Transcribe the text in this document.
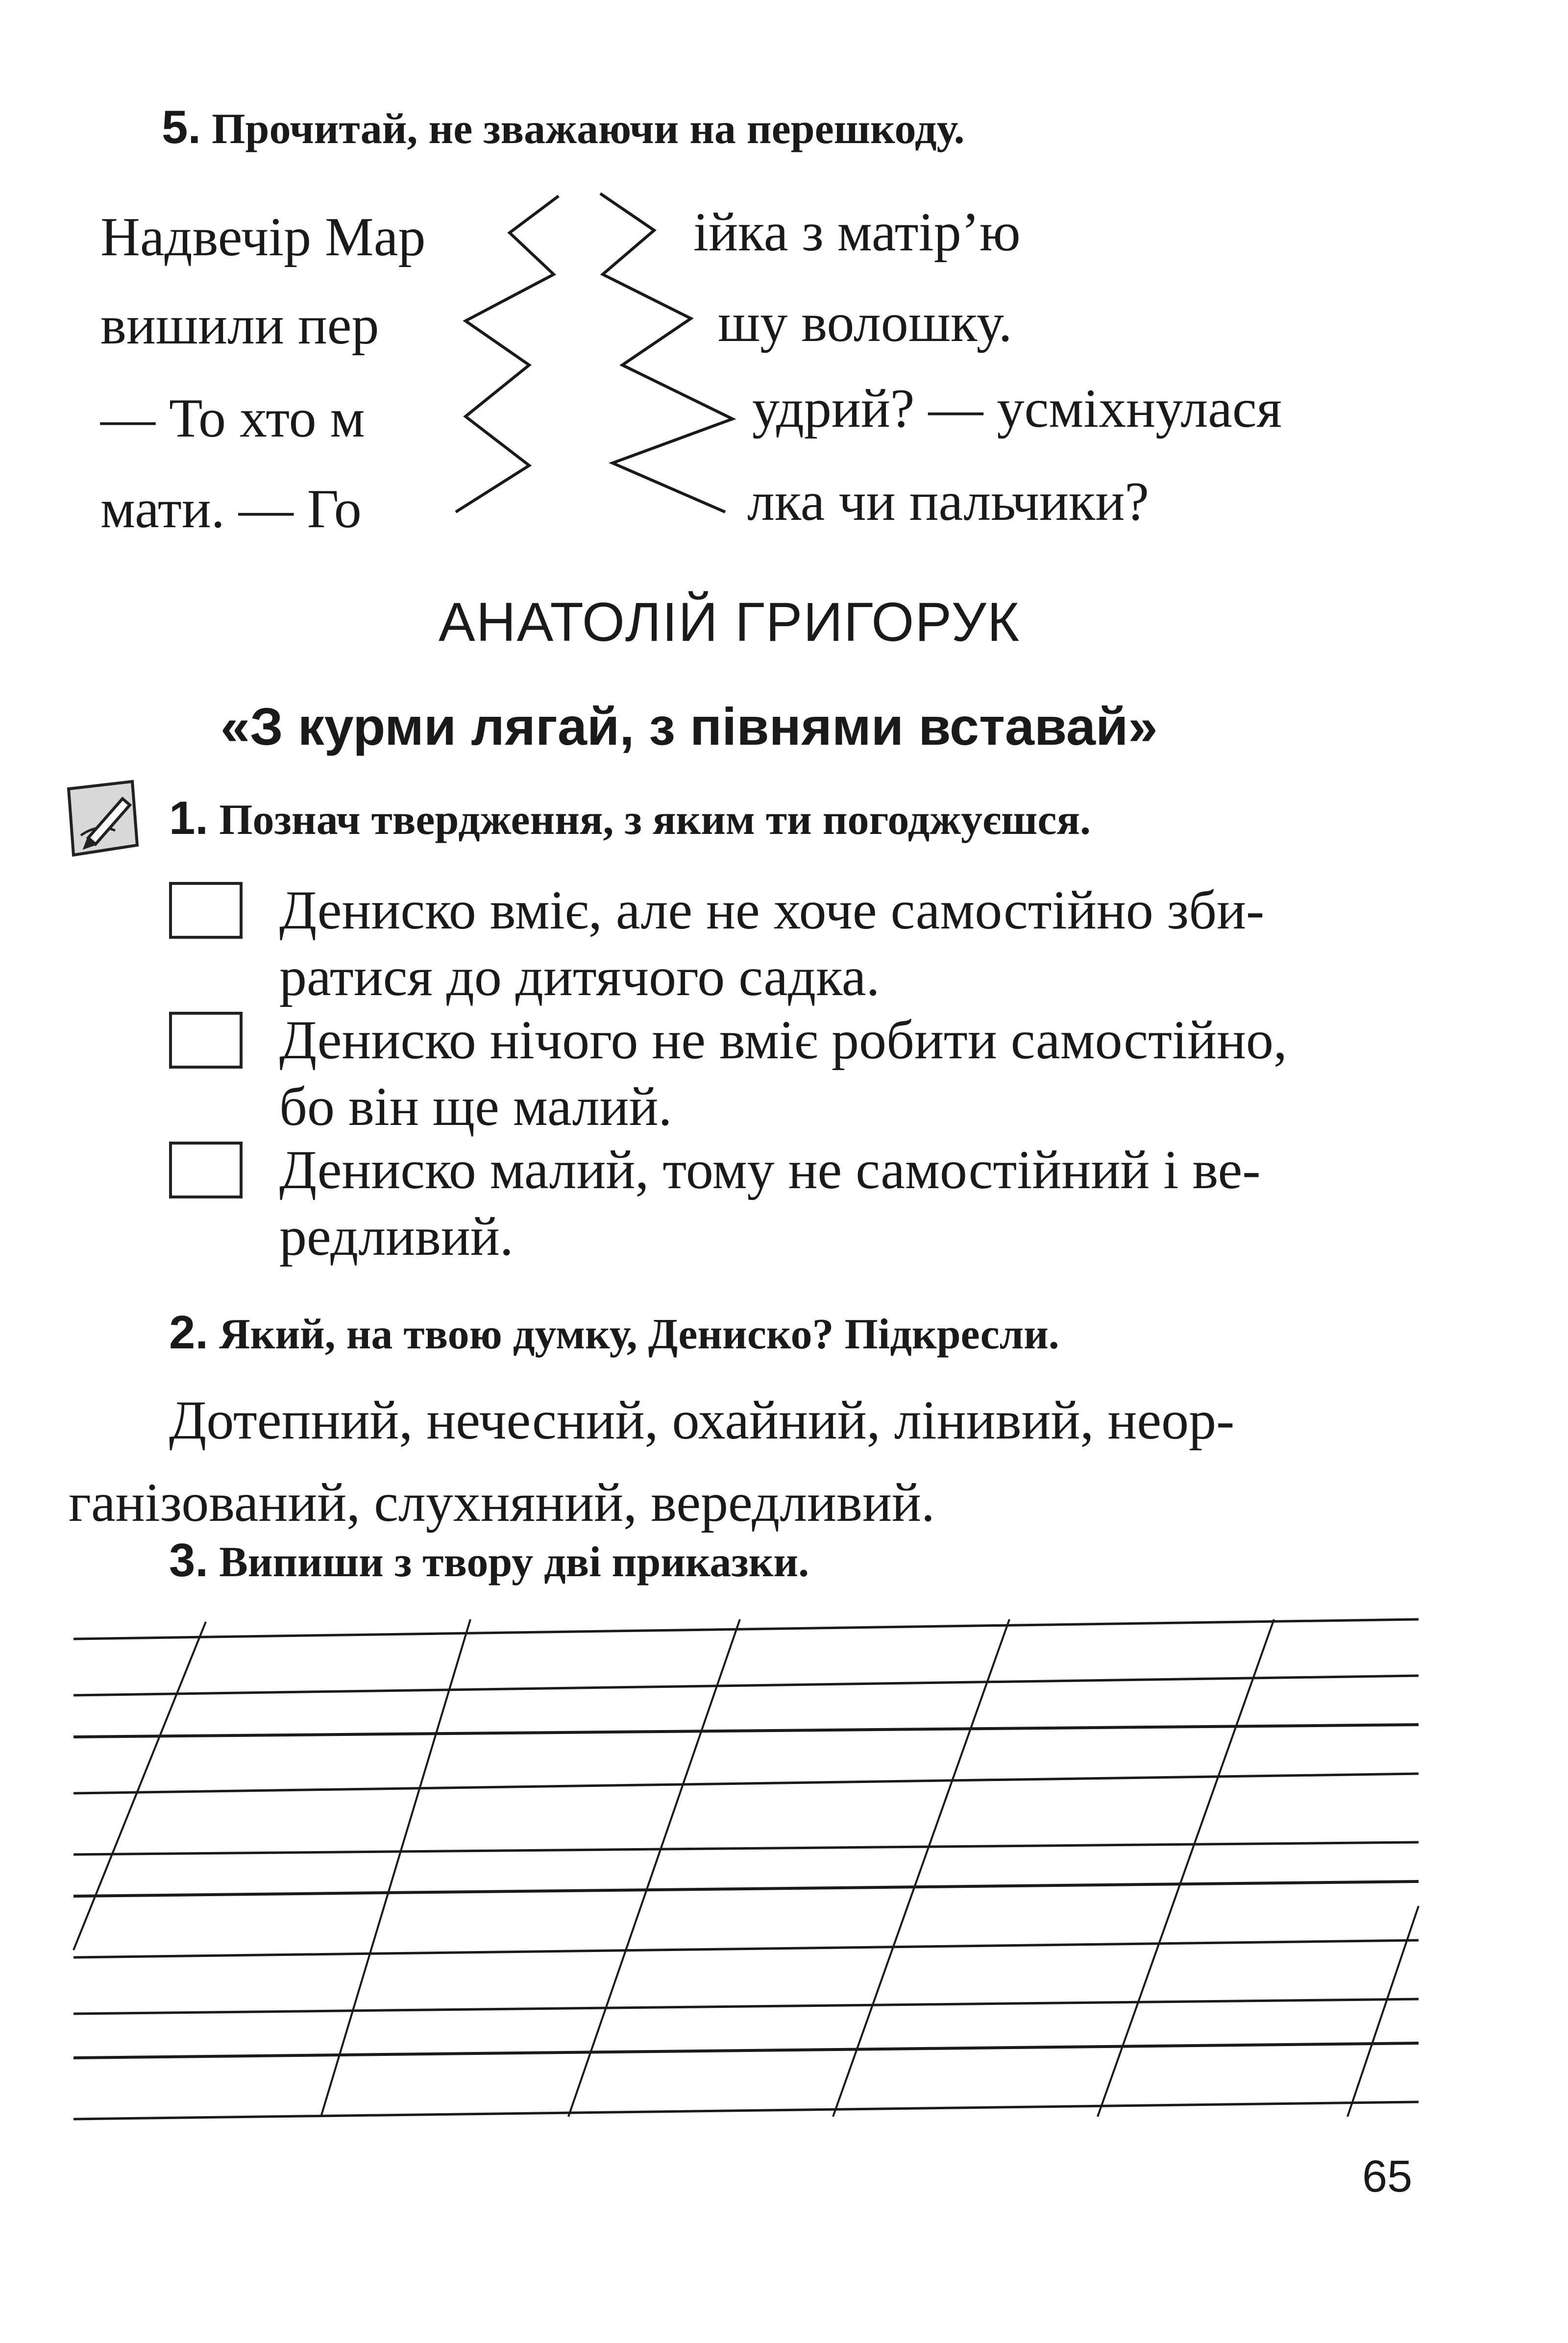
5. Прочитай, не зважаючи на перешкоду.
Надвечір Мар
вишили пер
— То хто м
мати. — Го
ійка з матір’ю
шу волошку.
удрий? — усміхнулася
лка чи пальчики?
АНАТОЛІЙ ГРИГОРУК
«З курми лягай, з півнями вставай»
1. Познач твердження, з яким ти погоджуєшся.
Дениско вміє, але не хоче самостійно зби-
ратися до дитячого садка.
Дениско нічого не вміє робити самостійно,
бо він ще малий.
Дениско малий, тому не самостійний і ве-
редливий.
2. Який, на твою думку, Дениско? Підкресли.
Дотепний, нечесний, охайний, лінивий, неор-
ганізований, слухняний, вередливий.
3. Випиши з твору дві приказки.
65
